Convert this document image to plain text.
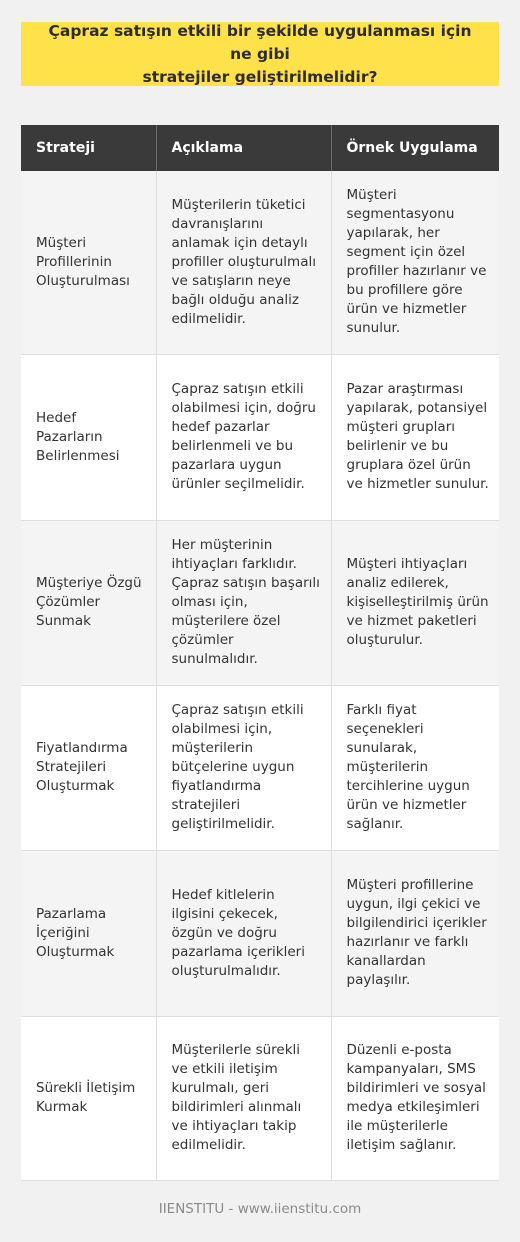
Çapraz satışın etkili bir şekilde uygulanması için ne gibi
stratejiler geliştirilmelidir?
Strateji	Açıklama	Örnek Uygulama
Müşteri Profillerinin Oluşturulması	Müşterilerin tüketici davranışlarını anlamak için detaylı profiller oluşturulmalı ve satışların neye bağlı olduğu analiz edilmelidir.	Müşteri segmentasyonu yapılarak, her segment için özel profiller hazırlanır ve bu profillere göre ürün ve hizmetler sunulur.
Hedef Pazarların Belirlenmesi	Çapraz satışın etkili olabilmesi için, doğru hedef pazarlar belirlenmeli ve bu pazarlara uygun ürünler seçilmelidir.	Pazar araştırması yapılarak, potansiyel müşteri grupları belirlenir ve bu gruplara özel ürün ve hizmetler sunulur.
Müşteriye Özgü Çözümler Sunmak	Her müşterinin ihtiyaçları farklıdır. Çapraz satışın başarılı olması için, müşterilere özel çözümler sunulmalıdır.	Müşteri ihtiyaçları analiz edilerek, kişiselleştirilmiş ürün ve hizmet paketleri oluşturulur.
Fiyatlandırma Stratejileri Oluşturmak	Çapraz satışın etkili olabilmesi için, müşterilerin bütçelerine uygun fiyatlandırma stratejileri geliştirilmelidir.	Farklı fiyat seçenekleri sunularak, müşterilerin tercihlerine uygun ürün ve hizmetler sağlanır.
Pazarlama İçeriğini Oluşturmak	Hedef kitlelerin ilgisini çekecek, özgün ve doğru pazarlama içerikleri oluşturulmalıdır.	Müşteri profillerine uygun, ilgi çekici ve bilgilendirici içerikler hazırlanır ve farklı kanallardan paylaşılır.
Sürekli İletişim Kurmak	Müşterilerle sürekli ve etkili iletişim kurulmalı, geri bildirimleri alınmalı ve ihtiyaçları takip edilmelidir.	Düzenli e-posta kampanyaları, SMS bildirimleri ve sosyal medya etkileşimleri ile müşterilerle iletişim sağlanır.
IIENSTITU - www.iienstitu.com
